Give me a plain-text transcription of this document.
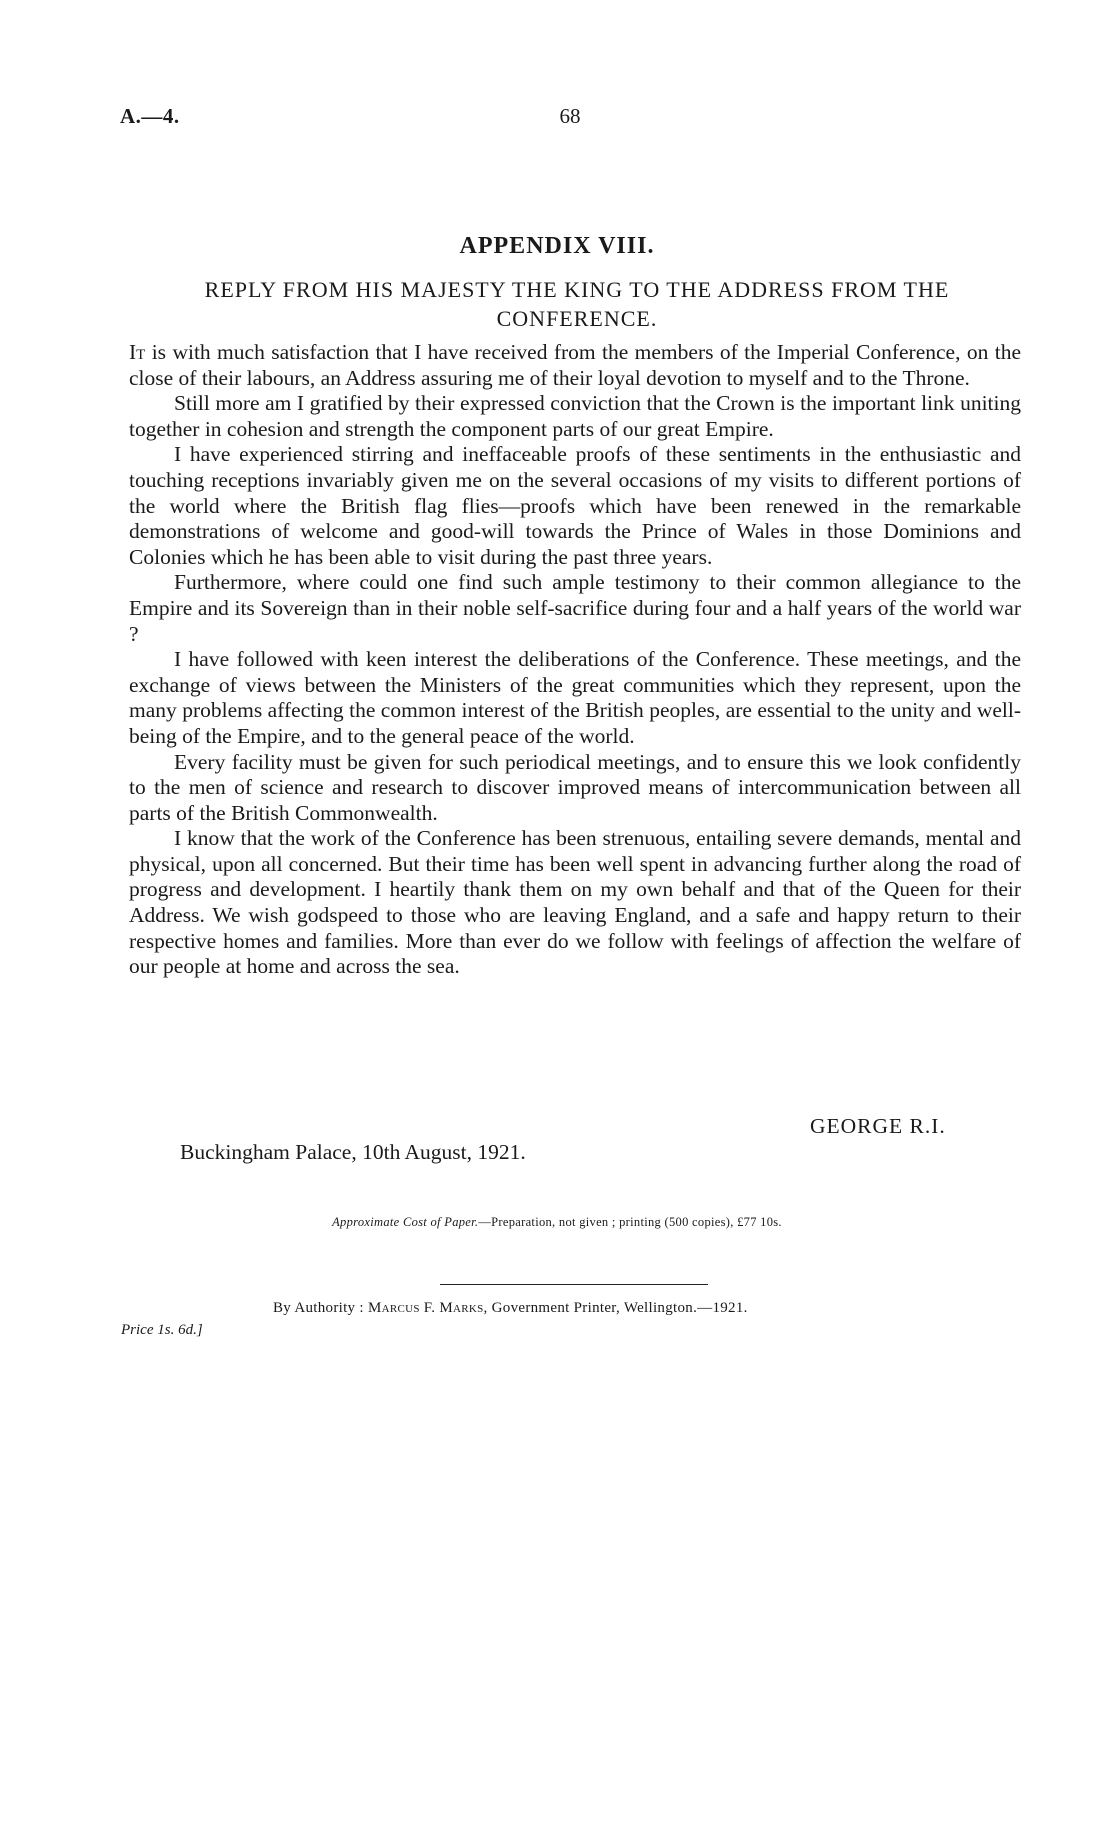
A.—4.	68
APPENDIX VIII.
REPLY FROM HIS MAJESTY THE KING TO THE ADDRESS FROM THE CONFERENCE.

It is with much satisfaction that I have received from the members of the Imperial Conference, on the close of their labours, an Address assuring me of their loyal devotion to myself and to the Throne.

Still more am I gratified by their expressed conviction that the Crown is the important link uniting together in cohesion and strength the component parts of our great Empire.

I have experienced stirring and ineffaceable proofs of these sentiments in the enthusiastic and touching receptions invariably given me on the several occasions of my visits to different portions of the world where the British flag flies—proofs which have been renewed in the remarkable demonstrations of welcome and good-will towards the Prince of Wales in those Dominions and Colonies which he has been able to visit during the past three years.

Furthermore, where could one find such ample testimony to their common allegiance to the Empire and its Sovereign than in their noble self-sacrifice during four and a half years of the world war ?

I have followed with keen interest the deliberations of the Conference. These meetings, and the exchange of views between the Ministers of the great communities which they represent, upon the many problems affecting the common interest of the British peoples, are essential to the unity and well-being of the Empire, and to the general peace of the world.

Every facility must be given for such periodical meetings, and to ensure this we look confidently to the men of science and research to discover improved means of intercommunication between all parts of the British Commonwealth.

I know that the work of the Conference has been strenuous, entailing severe demands, mental and physical, upon all concerned. But their time has been well spent in advancing further along the road of progress and development. I heartily thank them on my own behalf and that of the Queen for their Address. We wish godspeed to those who are leaving England, and a safe and happy return to their respective homes and families. More than ever do we follow with feelings of affection the welfare of our people at home and across the sea.

GEORGE R.I.
Buckingham Palace, 10th August, 1921.
Approximate Cost of Paper.—Preparation, not given ; printing (500 copies), £77 10s.
By Authority : Marcus F. Marks, Government Printer, Wellington.—1921.
Price 1s. 6d.]
